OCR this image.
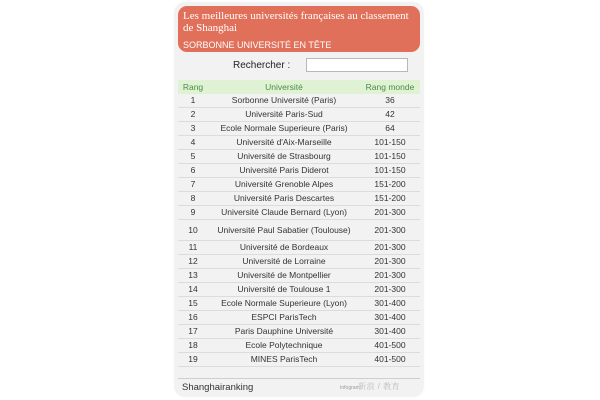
Les meilleures universités françaises au classement de Shanghai
SORBONNE UNIVERSITÉ EN TÊTE
Rechercher :
Rang	Université	Rang monde
1	Sorbonne Université (Paris)	36
2	Université Paris-Sud	42
3	Ecole Normale Superieure (Paris)	64
4	Université d'Aix-Marseille	101-150
5	Université de Strasbourg	101-150
6	Université Paris Diderot	101-150
7	Université Grenoble Alpes	151-200
8	Université Paris Descartes	151-200
9	Université Claude Bernard (Lyon)	201-300
10	Université Paul Sabatier (Toulouse)	201-300
11	Université de Bordeaux	201-300
12	Université de Lorraine	201-300
13	Université de Montpellier	201-300
14	Université de Toulouse 1	201-300
15	Ecole Normale Superieure (Lyon)	301-400
16	ESPCI ParisTech	301-400
17	Paris Dauphine Université	301-400
18	Ecole Polytechnique	401-500
19	MINES ParisTech	401-500
Shanghairanking	Infogram
新浪 / 教育
